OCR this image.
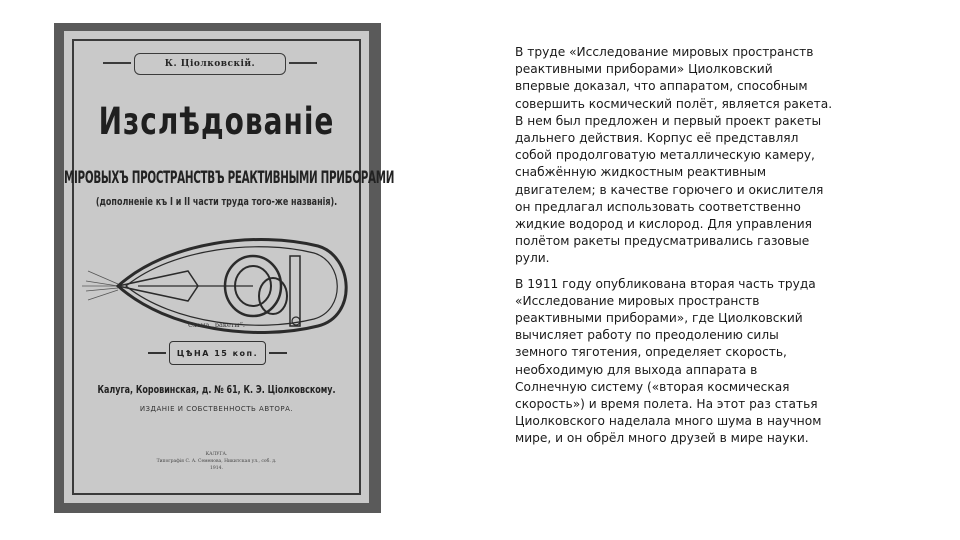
К. Ціолковскій.
Изслѣдованіе
МІРОВЫХЪ ПРОСТРАНСТВЪ РЕАКТИВНЫМИ ПРИБОРАМИ
(дополненіе къ I и II части труда того-же названія).
Схема „ракеты“.
ЦѢНА 15 коп.
Калуга, Коровинская, д. № 61, К. Э. Ціолковскому.
ИЗДАНІЕ И СОБСТВЕННОСТЬ АВТОРА.
КАЛУГА.
Типографія С. А. Семенова, Никитская ул., соб. д.
1914.

В труде «Исследование мировых пространств
реактивными приборами» Циолковский
впервые доказал, что аппаратом, способным
совершить космический полёт, является ракета.
В нем был предложен и первый проект ракеты
дальнего действия. Корпус её представлял
собой продолговатую металлическую камеру,
снабжённую жидкостным реактивным
двигателем; в качестве горючего и окислителя
он предлагал использовать соответственно
жидкие водород и кислород. Для управления
полётом ракеты предусматривались газовые
рули.

В 1911 году опубликована вторая часть труда
«Исследование мировых пространств
реактивными приборами», где Циолковский
вычисляет работу по преодолению силы
земного тяготения, определяет скорость,
необходимую для выхода аппарата в
Солнечную систему («вторая космическая
скорость») и время полета. На этот раз статья
Циолковского наделала много шума в научном
мире, и он обрёл много друзей в мире науки.
